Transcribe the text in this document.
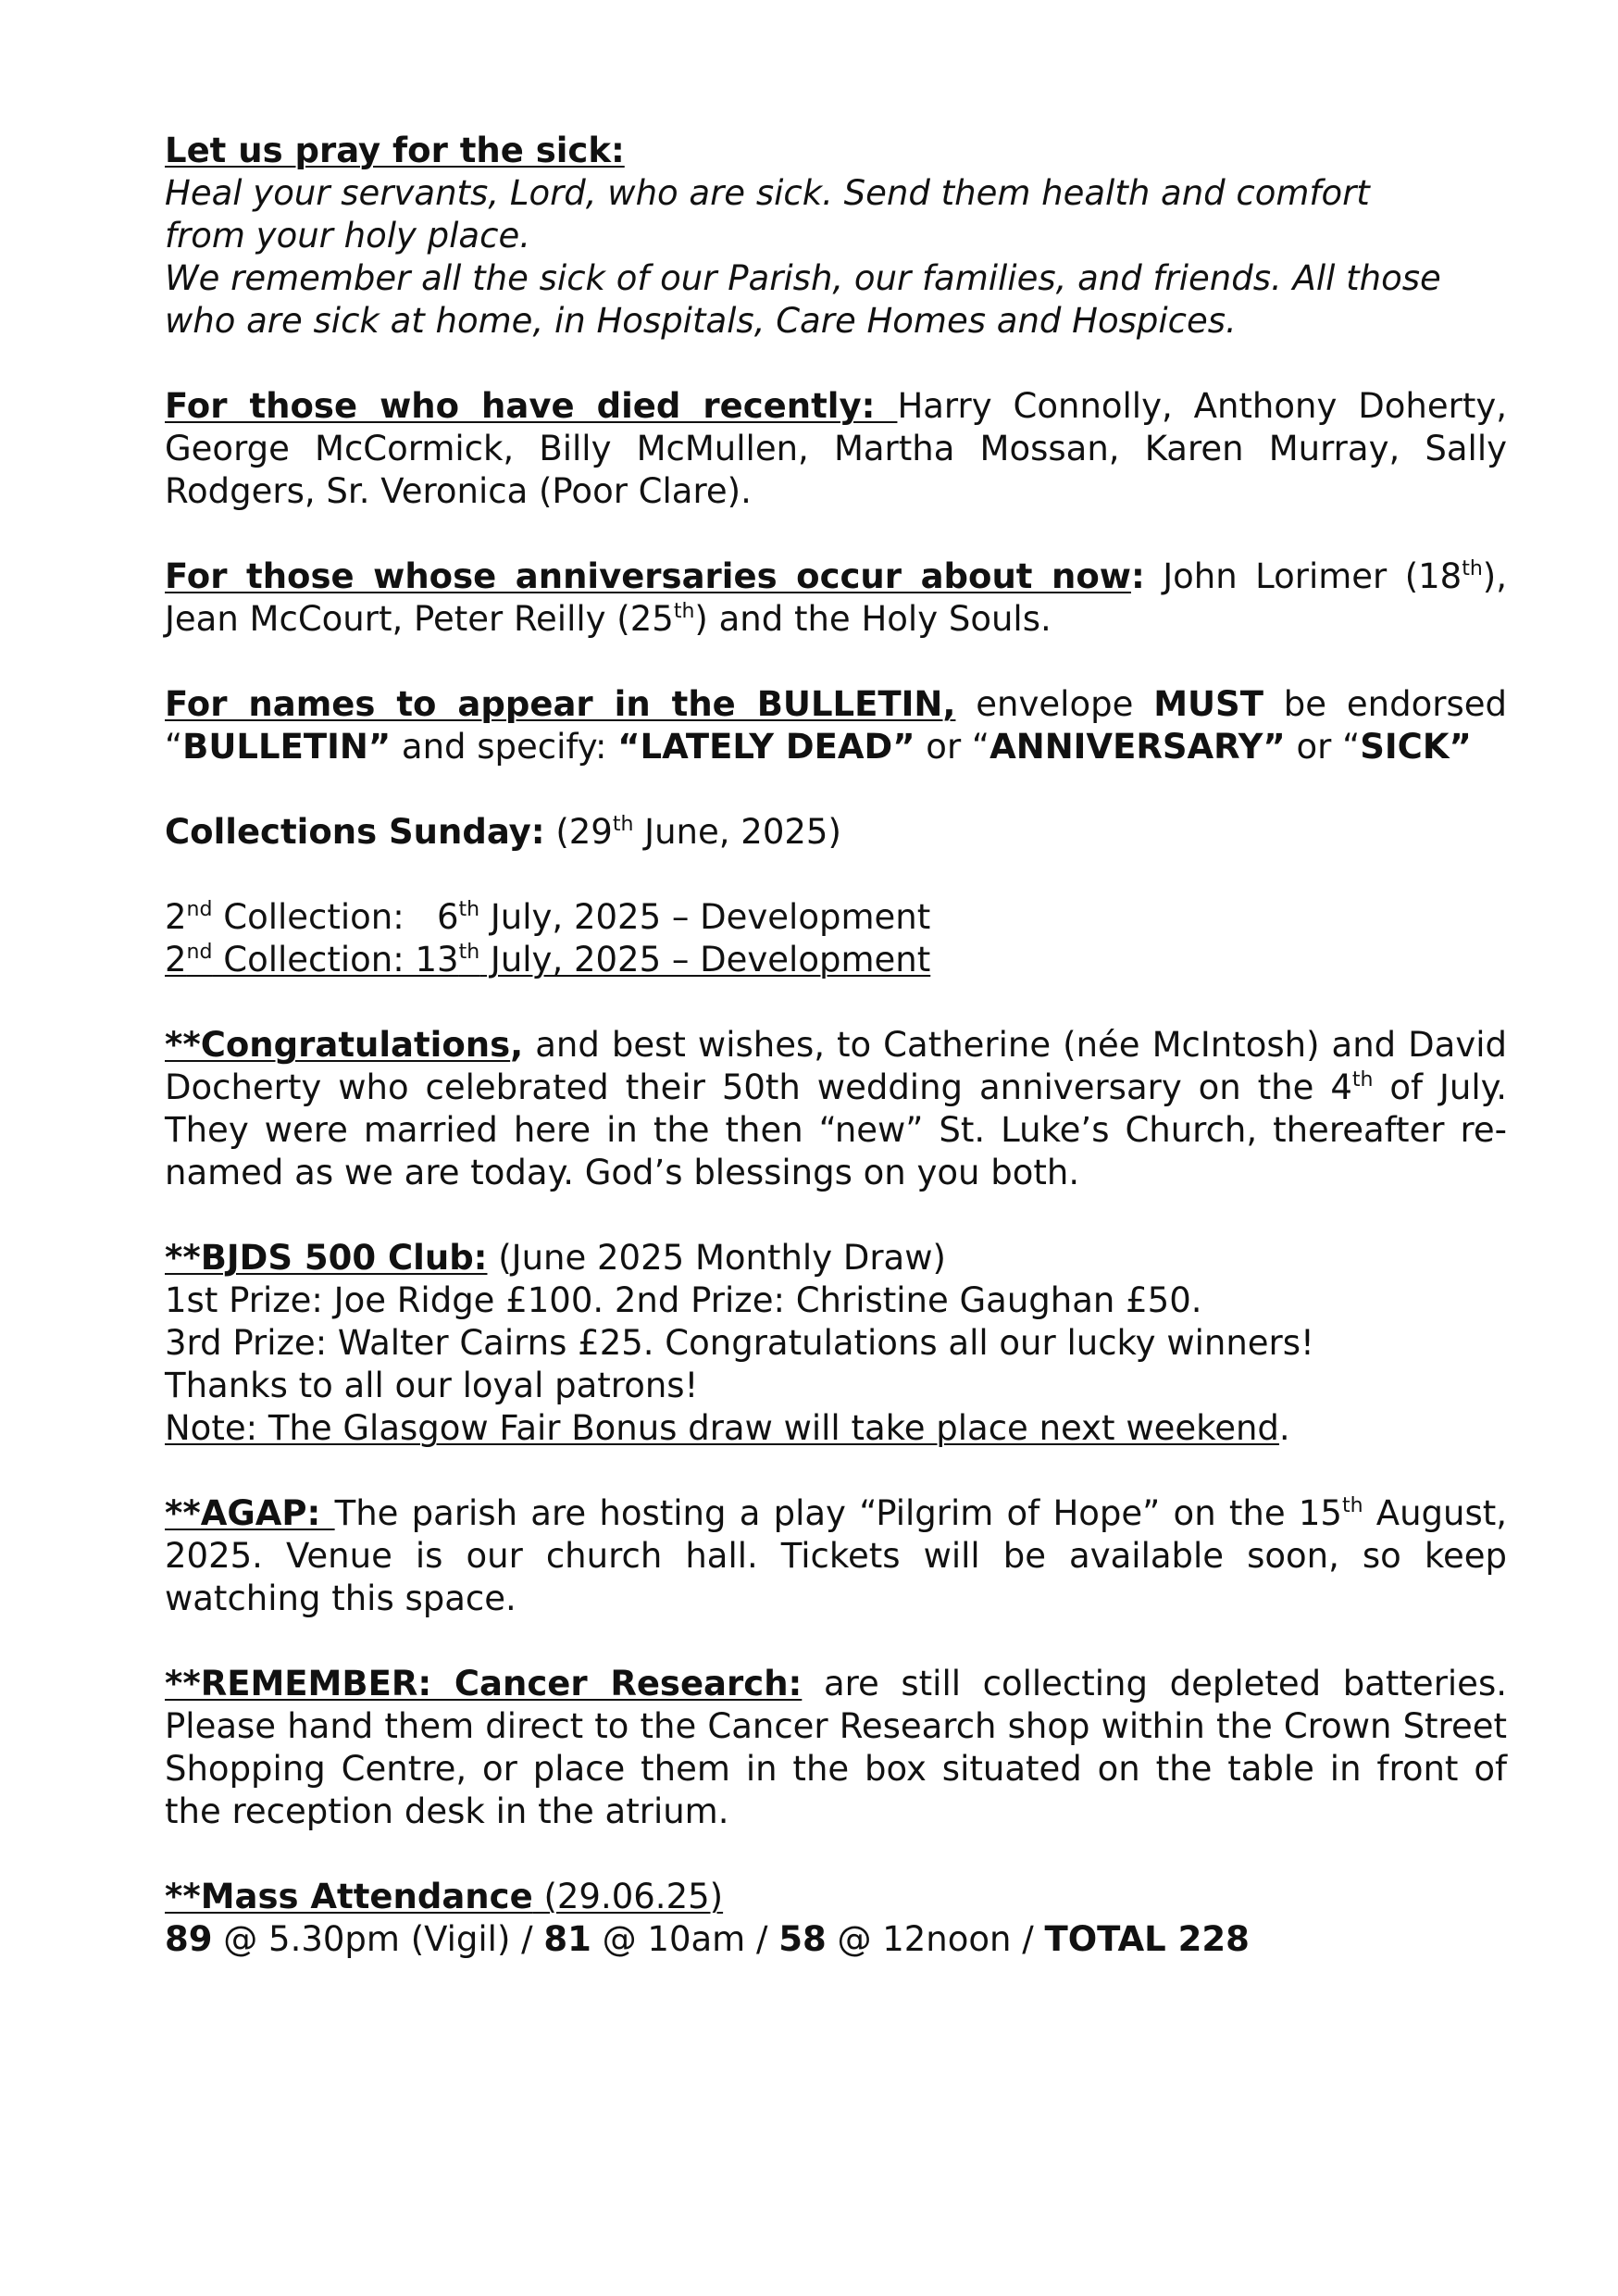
Let us pray for the sick:

Heal your servants, Lord, who are sick. Send them health and comfort

from your holy place.

We remember all the sick of our Parish, our families, and friends. All those who are sick at home, in Hospitals, Care Homes and Hospices.

For those who have died recently: Harry Connolly, Anthony Doherty, George McCormick, Billy McMullen, Martha Mossan, Karen Murray, Sally Rodgers, Sr. Veronica (Poor Clare).

For those whose anniversaries occur about now: John Lorimer (18th), Jean McCourt, Peter Reilly (25th) and the Holy Souls.

For names to appear in the BULLETIN, envelope MUST be endorsed “BULLETIN” and specify: “LATELY DEAD” or “ANNIVERSARY” or “SICK”

Collections Sunday: (29th June, 2025)

2nd Collection:   6th July, 2025 – Development

2nd Collection: 13th July, 2025 – Development

**Congratulations, and best wishes, to Catherine (née McIntosh) and David Docherty who celebrated their 50th wedding anniversary on the 4th of July. They were married here in the then “new” St. Luke’s Church, thereafter re-named as we are today. God’s blessings on you both.

**BJDS 500 Club: (June 2025 Monthly Draw)

1st Prize: Joe Ridge £100. 2nd Prize: Christine Gaughan £50.

3rd Prize: Walter Cairns £25. Congratulations all our lucky winners!

Thanks to all our loyal patrons!

Note: The Glasgow Fair Bonus draw will take place next weekend.

**AGAP: The parish are hosting a play “Pilgrim of Hope” on the 15th August, 2025. Venue is our church hall. Tickets will be available soon, so keep watching this space.

**REMEMBER: Cancer Research: are still collecting depleted batteries. Please hand them direct to the Cancer Research shop within the Crown Street Shopping Centre, or place them in the box situated on the table in front of the reception desk in the atrium.

**Mass Attendance (29.06.25)

89 @ 5.30pm (Vigil) / 81 @ 10am / 58 @ 12noon / TOTAL 228
